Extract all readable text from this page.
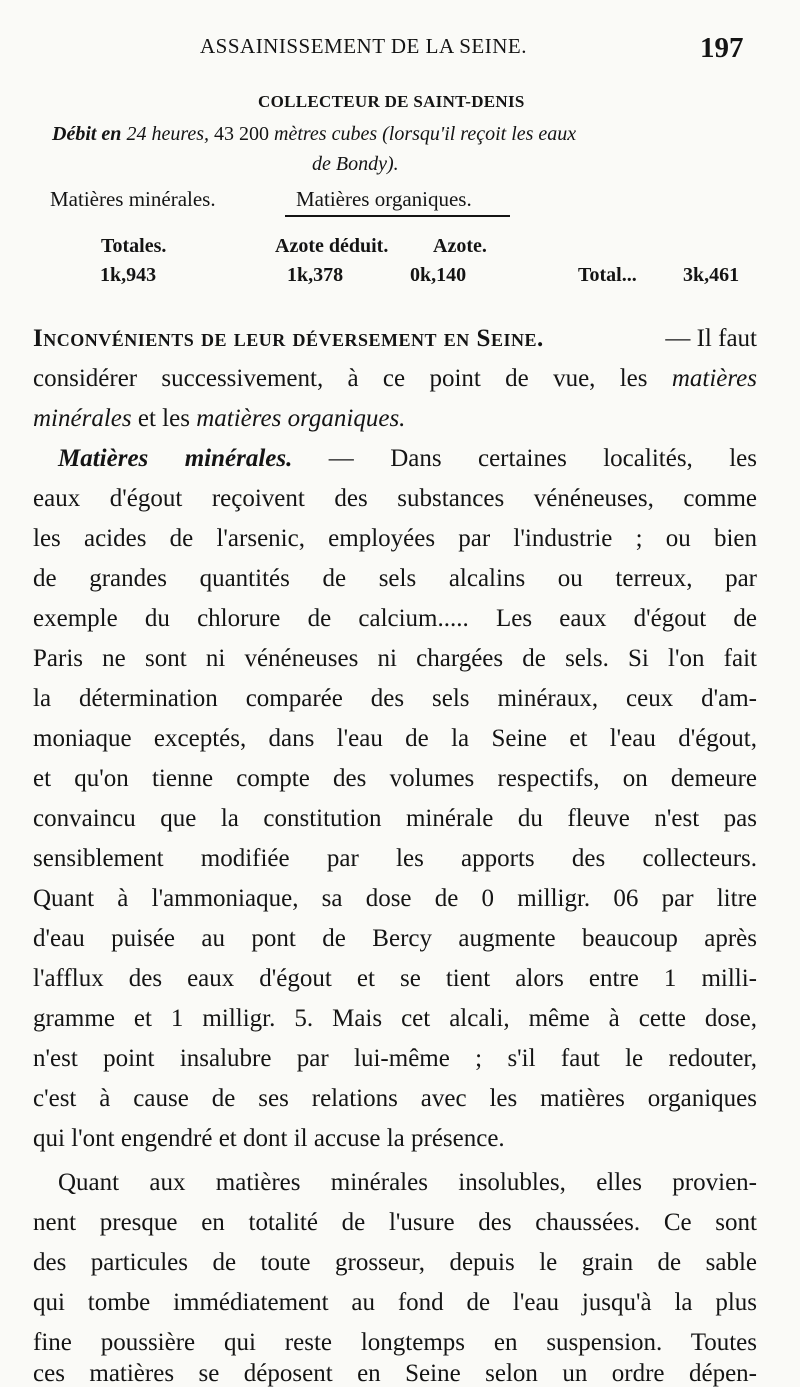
ASSAINISSEMENT DE LA SEINE.	197
COLLECTEUR DE SAINT-DENIS
Débit en 24 heures, 43 200 mètres cubes (lorsqu'il reçoit les eaux
de Bondy).
Matières minérales.	Matières organiques.
Totales.	Azote déduit. Azote.
1k,943	1k,378	0k,140	Total... 3k,461
Inconvénients de leur déversement en Seine.	— Il faut

considérer successivement, à ce point de vue, les matières

minérales et les matières organiques.

Matières minérales. — Dans certaines localités, les

eaux d'égout reçoivent des substances vénéneuses, comme

les acides de l'arsenic, employées par l'industrie ; ou bien

de grandes quantités de sels alcalins ou terreux, par

exemple du chlorure de calcium..... Les eaux d'égout de

Paris ne sont ni vénéneuses ni chargées de sels. Si l'on fait

la détermination comparée des sels minéraux, ceux d'am-

moniaque exceptés, dans l'eau de la Seine et l'eau d'égout,

et qu'on tienne compte des volumes respectifs, on demeure

convaincu que la constitution minérale du fleuve n'est pas

sensiblement modifiée par les apports des collecteurs.

Quant à l'ammoniaque, sa dose de 0 milligr. 06 par litre

d'eau puisée au pont de Bercy augmente beaucoup après

l'afflux des eaux d'égout et se tient alors entre 1 milli-

gramme et 1 milligr. 5. Mais cet alcali, même à cette dose,

n'est point insalubre par lui-même ; s'il faut le redouter,

c'est à cause de ses relations avec les matières organiques

qui l'ont engendré et dont il accuse la présence.

Quant aux matières minérales insolubles, elles provien-

nent presque en totalité de l'usure des chaussées. Ce sont

des particules de toute grosseur, depuis le grain de sable

qui tombe immédiatement au fond de l'eau jusqu'à la plus

fine poussière qui reste longtemps en suspension. Toutes

ces matières se déposent en Seine selon un ordre dépen-
